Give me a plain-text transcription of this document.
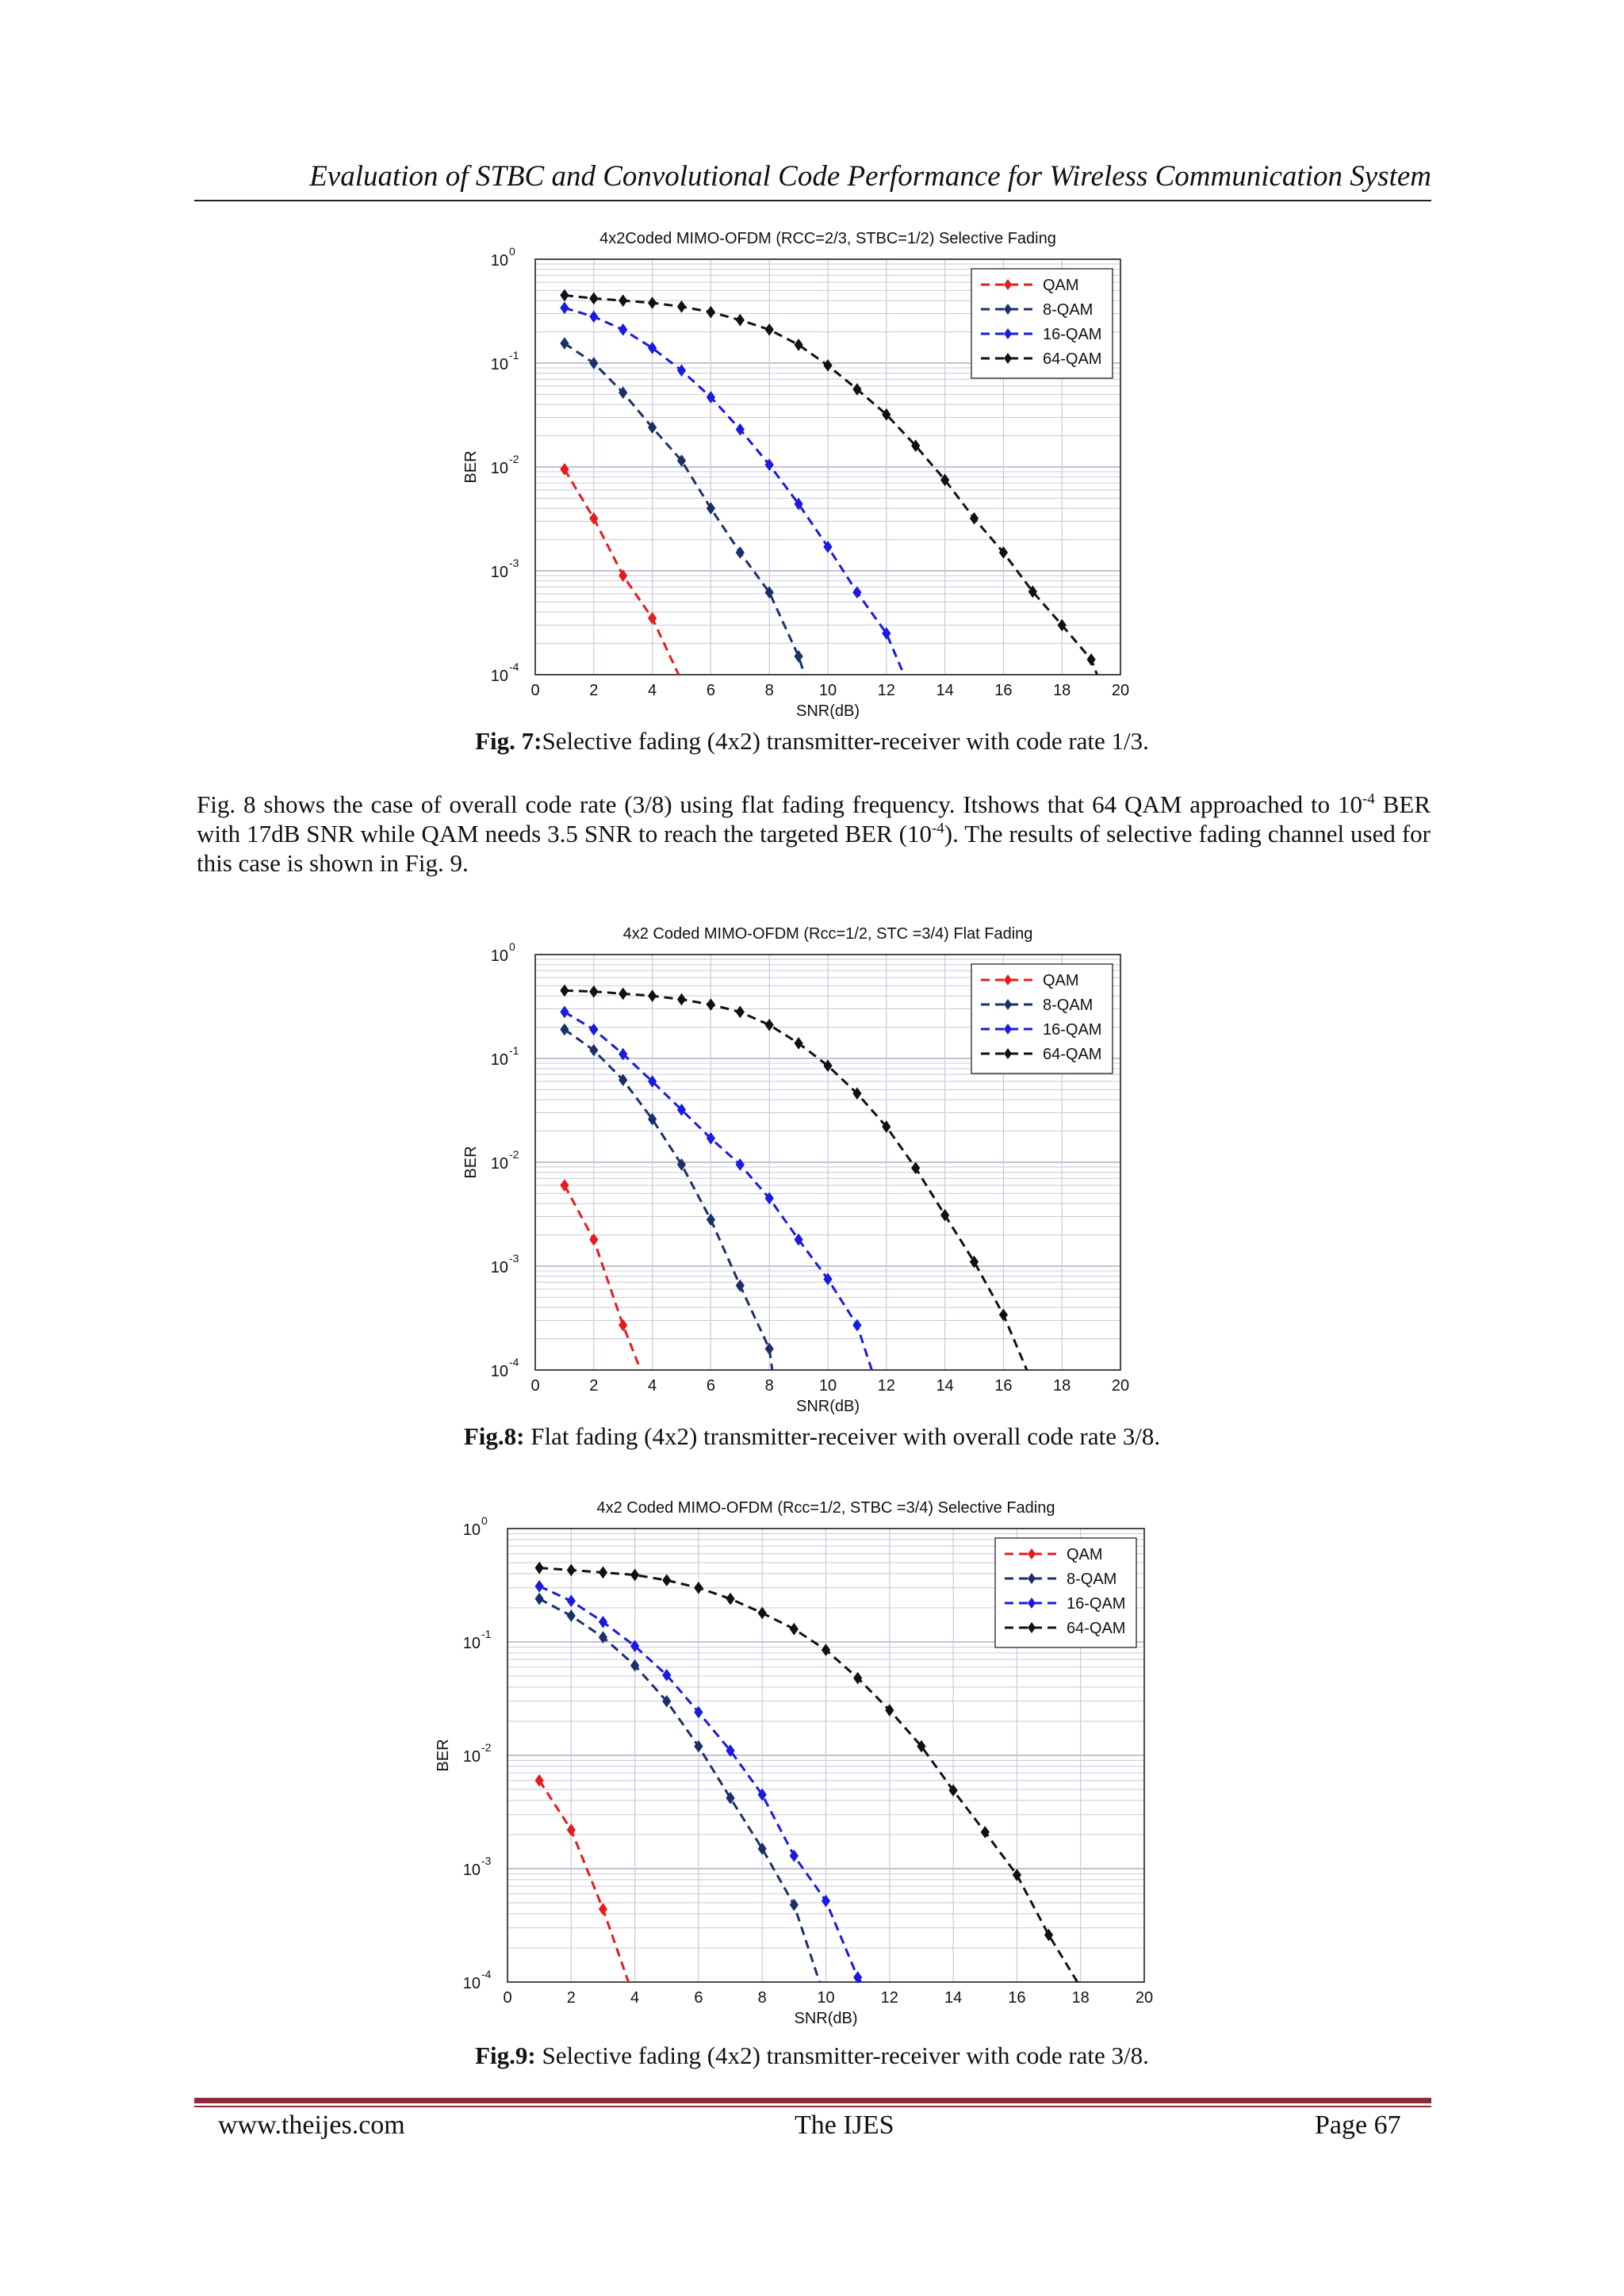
Evaluation of STBC and Convolutional Code Performance for Wireless Communication System
0	2	4	6	8	10	12	14	16	18	20
10
0
10
-1
10
-2
10
-3
10
-4
4x2Coded MIMO-OFDM (RCC=2/3, STBC=1/2) Selective Fading
SNR(dB)
BER
QAM
8-QAM
16-QAM
64-QAM
Fig. 7:Selective fading (4x2) transmitter-receiver with code rate 1/3.

Fig. 8 shows the case of overall code rate (3/8) using flat fading frequency. Itshows that 64 QAM approached to $10^{-4}$ BER with 17dB SNR while QAM needs 3.5 SNR to reach the targeted BER $(10^{-4})$. The results of selective fading channel used for this case is shown in Fig. 9.

0	2	4	6	8	10	12	14	16	18	20
10
0
10
-1
10
-2
10
-3
10
-4
4x2 Coded MIMO-OFDM (Rcc=1/2, STC =3/4) Flat Fading
SNR(dB)
BER
QAM
8-QAM
16-QAM
64-QAM
Fig.8: Flat fading (4x2) transmitter-receiver with overall code rate 3/8.
0	2	4	6	8	10	12	14	16	18	20
10
0
10
-1
10
-2
10
-3
10
-4
4x2 Coded MIMO-OFDM (Rcc=1/2, STBC =3/4) Selective Fading
SNR(dB)
BER
QAM
8-QAM
16-QAM
64-QAM
Fig.9: Selective fading (4x2) transmitter-receiver with code rate 3/8.
www.theijes.com	The IJES	Page 67
